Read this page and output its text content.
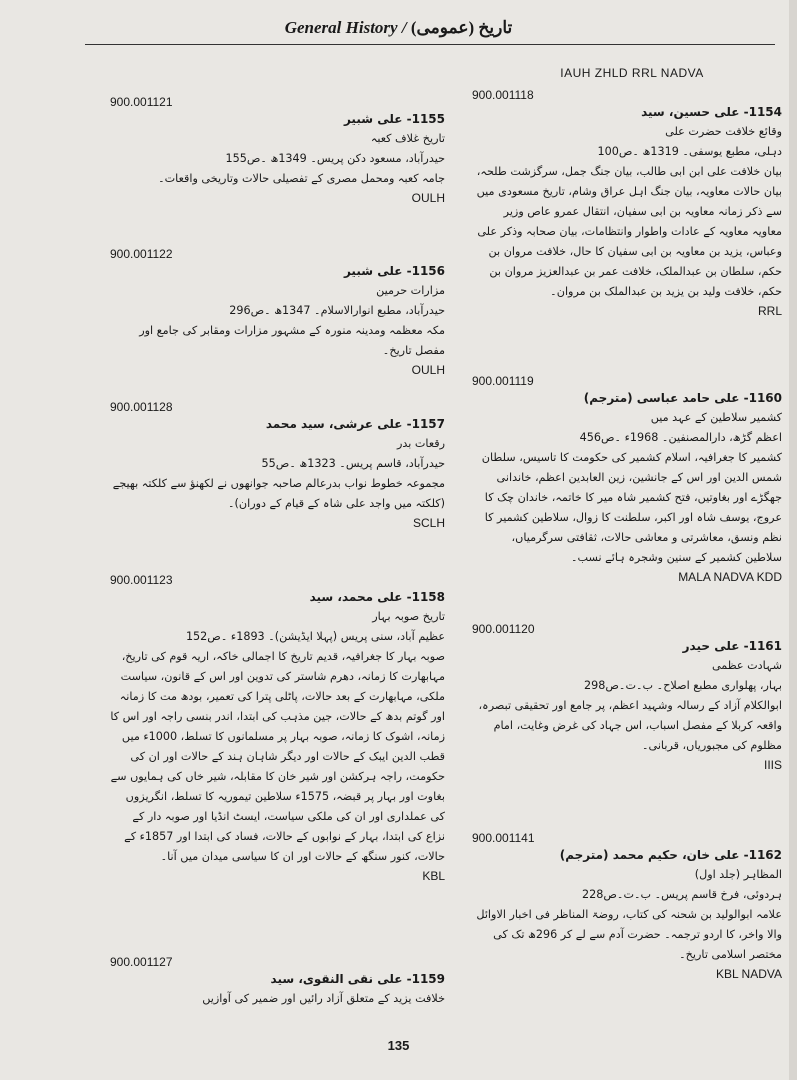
General History / تاریخ (عمومی)
900.001121

1155- علی شبیر

تاریخ غلاف کعبہ

حیدرآباد، مسعود دکن پریس۔ 1349ھ ۔ص155

جامہ کعبہ ومحمل مصری کے تفصیلی حالات وتاریخی واقعات۔

OULH
900.001122

1156- علی شبیر

مزارات حرمین

حیدرآباد، مطبع انوارالاسلام۔ 1347ھ ۔ص296

مکہ معظمہ ومدینہ منورہ کے مشہور مزارات ومقابر کی جامع اور مفصل تاریخ۔

OULH
900.001128

1157- علی عرشی، سید محمد

رقعات بدر

حیدرآباد، قاسم پریس۔ 1323ھ ۔ص55

مجموعہ خطوط نواب بدرعالم صاحبہ جوانھوں نے لکھنؤ سے کلکتہ بھیجے (کلکتہ میں واجد علی شاہ کے قیام کے دوران)۔

SCLH
900.001123

1158- علی محمد، سید

تاریخ صوبہ بہار

عظیم آباد، سنی پریس (پہلا ایڈیشن)۔ 1893ء ۔ص152

صوبہ بہار کا جغرافیہ، قدیم تاریخ کا اجمالی خاکہ، اریہ قوم کی تاریخ، مہابھارت کا زمانہ، دھرم شاستر کی تدوین اور اس کے قانون، سیاست ملکی، مہابھارت کے بعد حالات، پاٹلی پترا کی تعمیر، بودھ مت کا زمانہ اور گوتم بدھ کے حالات، جین مذہب کی ابتدا، اندر بنسی راجہ اور اس کا زمانہ، اشوک کا زمانہ، صوبہ بہار پر مسلمانوں کا تسلط، 1000ء میں قطب الدین ایبک کے حالات اور دیگر شاہان ہند کے حالات اور ان کی حکومت، راجہ ہرکشن اور شیر خان کا مقابلہ، شیر خاں کی ہمایوں سے بغاوت اور بہار پر قبضہ، 1575ء سلاطین تیموریہ کا تسلط، انگریزوں کی عملداری اور ان کی ملکی سیاست، ایسٹ انڈیا اور صوبہ دار کے نزاع کی ابتدا، بہار کے نوابوں کے حالات، فساد کی ابتدا اور 1857ء کے حالات، کنور سنگھ کے حالات اور ان کا سیاسی میدان میں آنا۔

KBL
900.001127

1159- علی نقی النقوی، سید

خلافت یزید کے متعلق آزاد رائیں اور ضمیر کی آوازیں

IAUH ZHLD RRL NADVA
900.001118

1154- علی حسین، سید

وقائع خلافت حضرت علی

دہلی، مطبع یوسفی۔ 1319ھ ۔ص100

بیان خلافت علی ابن ابی طالب، بیان جنگ جمل، سرگزشت طلحہ، بیان حالات معاویہ، بیان جنگ اہل عراق وشام، تاریخ مسعودی میں سے ذکر زمانہ معاویہ بن ابی سفیان، انتقال عمرو عاص وزیر معاویہ معاویہ کے عادات واطوار وانتظامات، بیان صحابہ وذکر علی وعباس، یزید بن معاویہ بن ابی سفیان کا حال، خلافت مروان بن حکم، سلطان بن عبدالملک، خلافت عمر بن عبدالعزیز مروان بن حکم، خلافت ولید بن یزید بن عبدالملک بن مروان۔

RRL
900.001119

1160- علی حامد عباسی (مترجم)

کشمیر سلاطین کے عہد میں

اعظم گڑھ، دارالمصنفین۔ 1968ء ۔ص456

کشمیر کا جغرافیہ، اسلام کشمیر کی حکومت کا تاسیس، سلطان شمس الدین اور اس کے جانشین، زین العابدین اعظم، خاندانی جھگڑے اور بغاوتیں، فتح کشمیر شاہ میر کا خاتمہ، خاندان چک کا عروج، یوسف شاہ اور اکبر، سلطنت کا زوال، سلاطین کشمیر کا نظم ونسق، معاشرتی و معاشی حالات، ثقافتی سرگرمیاں، سلاطین کشمیر کے سنین وشجرہ ہائے نسب۔

MALA NADVA KDD
900.001120

1161- علی حیدر

شہادت عظمی

بہار، پھلواری مطبع اصلاح۔ ب۔ت۔ص298

ابوالکلام آزاد کے رسالہ وشہید اعظم، پر جامع اور تحقیقی تبصرہ، واقعہ کربلا کے مفصل اسباب، اس جہاد کی غرض وغایت، امام مظلوم کی مجبوریاں، قربانی۔

IIIS
900.001141

1162- علی خان، حکیم محمد (مترجم)

المظاہر (جلد اول)

ہردوئی، فرخ قاسم پریس۔ ب۔ت۔ص228

علامہ ابوالولید بن شحنہ کی کتاب، روضۃ المناظر فی اخبار الاوائل والا واخر، کا اردو ترجمہ۔ حضرت آدم سے لے کر 296ھ تک کی مختصر اسلامی تاریخ۔

KBL NADVA
135
